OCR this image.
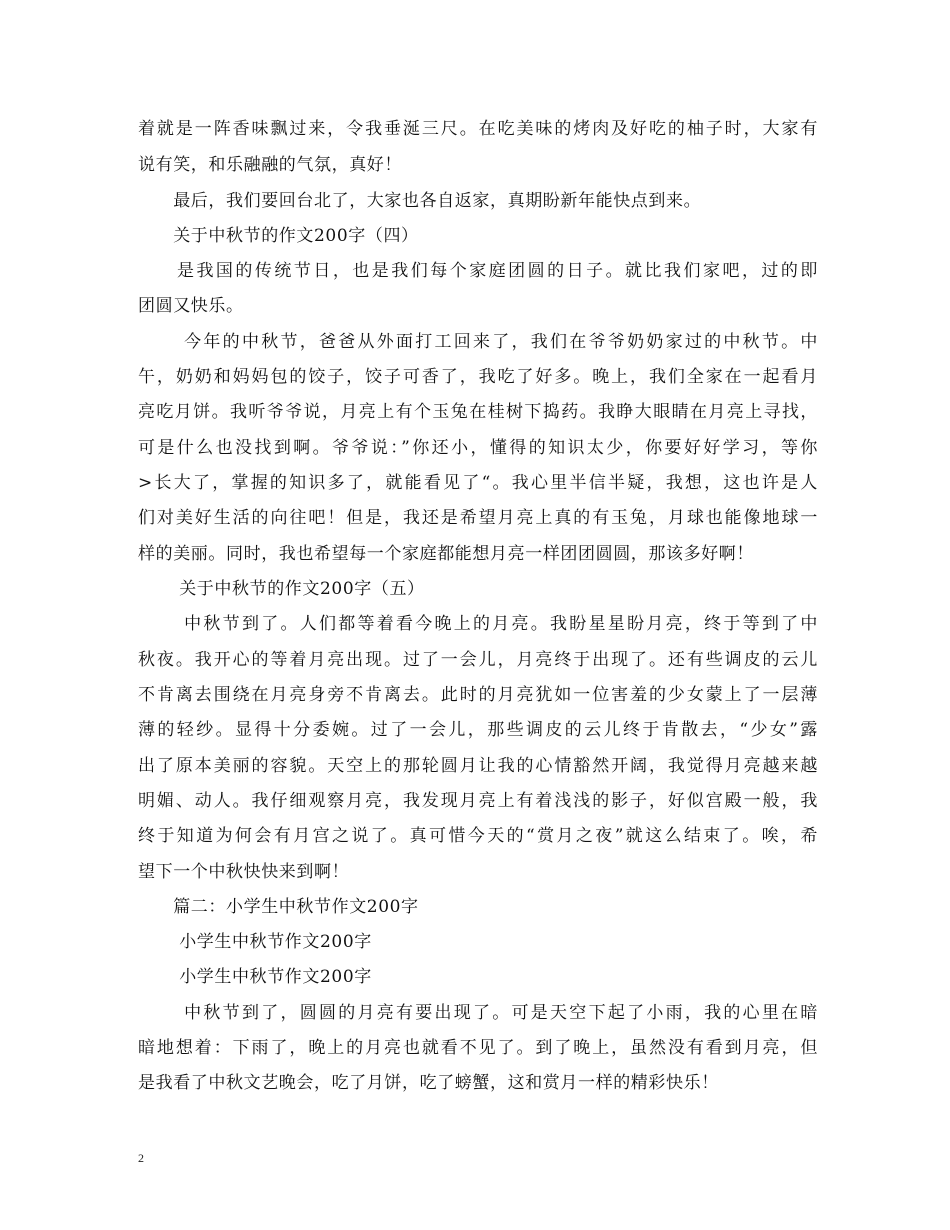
着就是一阵香味飘过来，令我垂涎三尺。在吃美味的烤肉及好吃的柚子时，大家有
说有笑，和乐融融的气氛，真好！
　　最后，我们要回台北了，大家也各自返家，真期盼新年能快点到来。
　　关于中秋节的作文200字（四）
　　是我国的传统节日，也是我们每个家庭团圆的日子。就比我们家吧，过的即
团圆又快乐。
　　 今年的中秋节，爸爸从外面打工回来了，我们在爷爷奶奶家过的中秋节。中
午，奶奶和妈妈包的饺子，饺子可香了，我吃了好多。晚上，我们全家在一起看月
亮吃月饼。我听爷爷说，月亮上有个玉兔在桂树下捣药。我睁大眼睛在月亮上寻找，
可是什么也没找到啊。爷爷说：”你还小，懂得的知识太少，你要好好学习，等你
>长大了，掌握的知识多了，就能看见了“。我心里半信半疑，我想，这也许是人
们对美好生活的向往吧！但是，我还是希望月亮上真的有玉兔，月球也能像地球一
样的美丽。同时，我也希望每一个家庭都能想月亮一样团团圆圆，那该多好啊！
　　 关于中秋节的作文200字（五）
　　 中秋节到了。人们都等着看今晚上的月亮。我盼星星盼月亮，终于等到了中
秋夜。我开心的等着月亮出现。过了一会儿，月亮终于出现了。还有些调皮的云儿
不肯离去围绕在月亮身旁不肯离去。此时的月亮犹如一位害羞的少女蒙上了一层薄
薄的轻纱。显得十分委婉。过了一会儿，那些调皮的云儿终于肯散去，“少女”露
出了原本美丽的容貌。天空上的那轮圆月让我的心情豁然开阔，我觉得月亮越来越
明媚、动人。我仔细观察月亮，我发现月亮上有着浅浅的影子，好似宫殿一般，我
终于知道为何会有月宫之说了。真可惜今天的“赏月之夜”就这么结束了。唉，希
望下一个中秋快快来到啊！
　　篇二：小学生中秋节作文200字
　　 小学生中秋节作文200字
　　 小学生中秋节作文200字
　　 中秋节到了，圆圆的月亮有要出现了。可是天空下起了小雨，我的心里在暗
暗地想着：下雨了，晚上的月亮也就看不见了。到了晚上，虽然没有看到月亮，但
是我看了中秋文艺晚会，吃了月饼，吃了螃蟹，这和赏月一样的精彩快乐！
2
